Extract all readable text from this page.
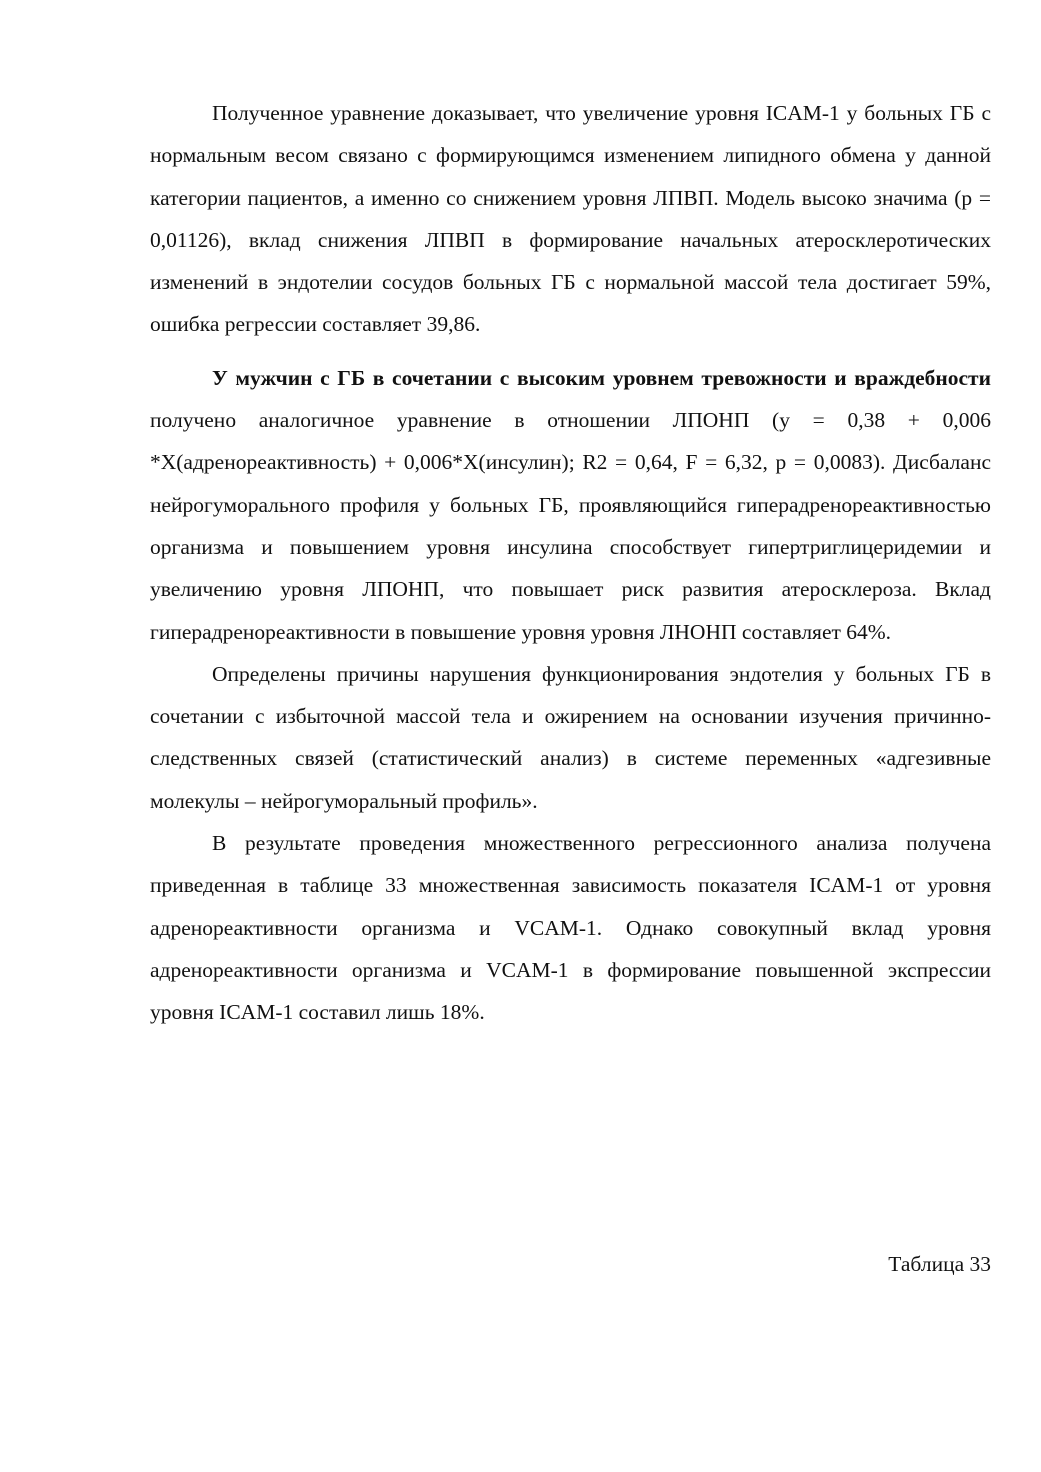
Полученное уравнение доказывает, что увеличение уровня ICAM-1 у больных ГБ с нормальным весом связано с формирующимся изменением липидного обмена у данной категории пациентов, а именно со снижением уровня ЛПВП. Модель высоко значима (р = 0,01126), вклад снижения ЛПВП в формирование начальных атеросклеротических изменений в эндотелии сосудов больных ГБ с нормальной массой тела достигает 59%, ошибка регрессии составляет 39,86.

У мужчин с ГБ в сочетании с высоким уровнем тревожности и враждебности получено аналогичное уравнение в отношении ЛПОНП (у = 0,38 + 0,006 *Х(адренореактивность) + 0,006*Х(инсулин); R2 = 0,64, F = 6,32, р = 0,0083). Дисбаланс нейрогуморального профиля у больных ГБ, проявляющийся гиперадренореактивностью организма и повышением уровня инсулина способствует гипертриглицеридемии и увеличению уровня ЛПОНП, что повышает риск развития атеросклероза. Вклад гиперадренореактивности в повышение уровня уровня ЛНОНП составляет 64%.

Определены причины нарушения функционирования эндотелия у больных ГБ в сочетании с избыточной массой тела и ожирением на основании изучения причинно-следственных связей (статистический анализ) в системе переменных «адгезивные молекулы – нейрогуморальный профиль».

В результате проведения множественного регрессионного анализа получена приведенная в таблице 33 множественная зависимость показателя ICAM-1 от уровня адренореактивности организма и VCAM-1. Однако совокупный вклад уровня адренореактивности организма и VCAM-1 в формирование повышенной экспрессии уровня ICAM-1 составил лишь 18%.

Таблица 33
